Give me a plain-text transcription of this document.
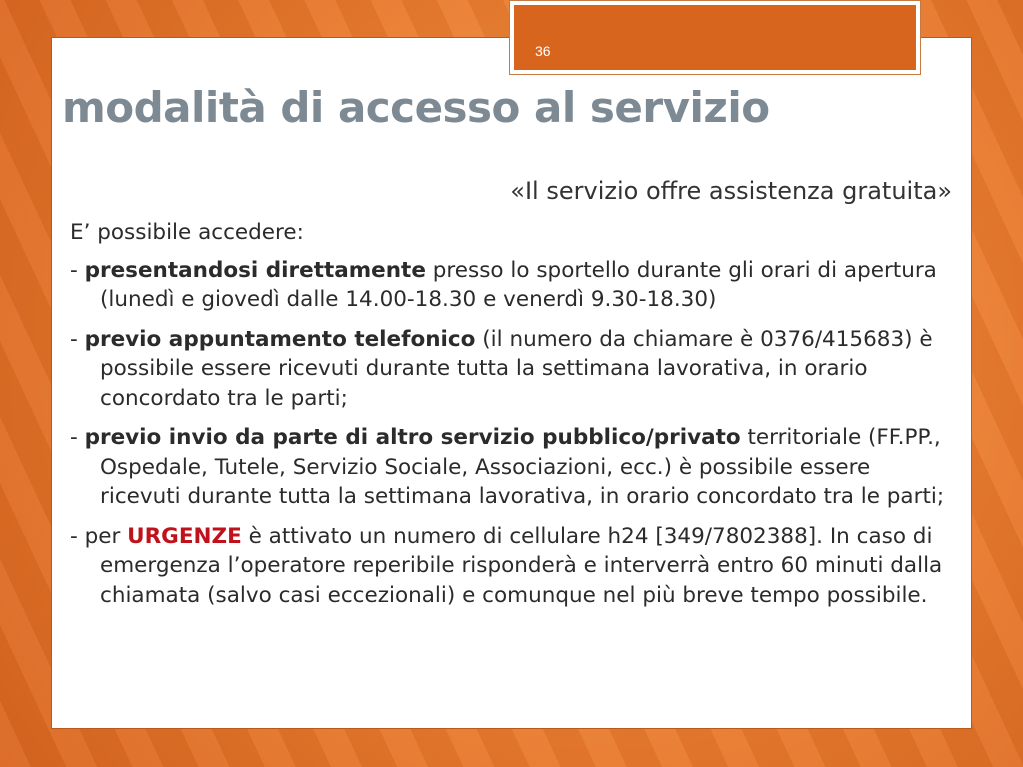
36
modalità di accesso al servizio
«Il servizio offre assistenza gratuita»

E’ possibile accedere:

- presentandosi direttamente presso lo sportello durante gli orari di apertura (lunedì e giovedì dalle 14.00-18.30 e venerdì 9.30-18.30)

- previo appuntamento telefonico (il numero da chiamare è 0376/415683) è possibile essere ricevuti durante tutta la settimana lavorativa, in orario concordato tra le parti;

- previo invio da parte di altro servizio pubblico/privato territoriale (FF.PP., Ospedale, Tutele, Servizio Sociale, Associazioni, ecc.) è possibile essere ricevuti durante tutta la settimana lavorativa, in orario concordato tra le parti;

- per URGENZE è attivato un numero di cellulare h24 [349/7802388]. In caso di emergenza l’operatore reperibile risponderà e interverrà entro 60 minuti dalla chiamata (salvo casi eccezionali) e comunque nel più breve tempo possibile.
